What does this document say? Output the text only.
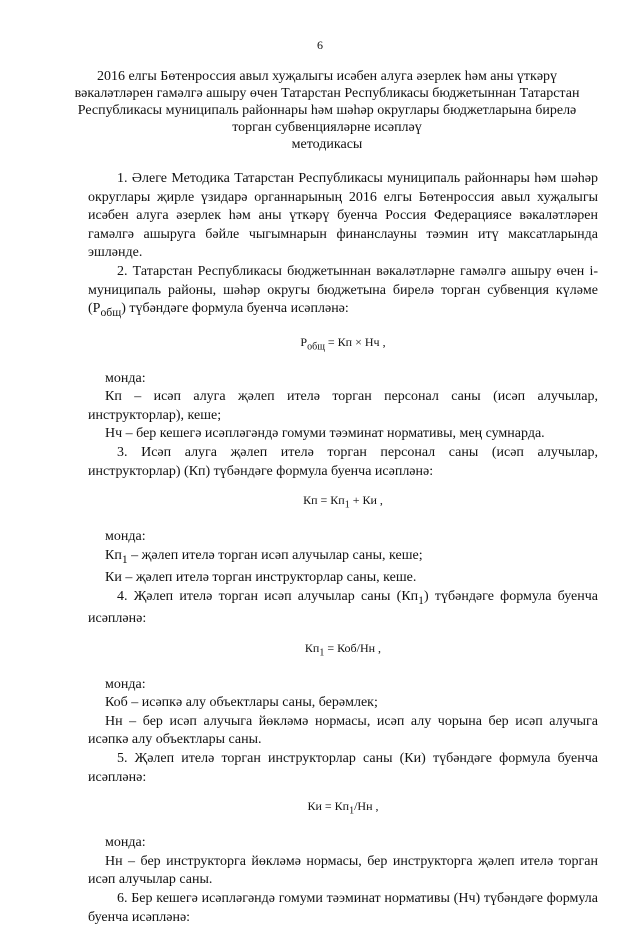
6
2016 елгы Бөтенроссия авыл хуҗалыгы исәбен алуга әзерлек һәм аны үткәрү
вәкаләтләрен гамәлгә ашыру өчен Татарстан Республикасы бюджетыннан Татарстан
Республикасы муниципаль районнары һәм шәһәр округлары бюджетларына бирелә
торган субвенцияләрне исәпләү
методикасы

1. Әлеге Методика Татарстан Республикасы муниципаль районнары һәм шәһәр округлары җирле үзидарә органнарының 2016 елгы Бөтенроссия авыл хуҗалыгы исәбен алуга әзерлек һәм аны үткәрү буенча Россия Федерациясе вәкаләтләрен гамәлгә ашыруга бәйле чыгымнарын финанслауны тәэмин итү максатларында эшләнде.

2. Татарстан Республикасы бюджетыннан вәкаләтләрне гамәлгә ашыру өчен i-муниципаль районы, шәһәр округы бюджетына бирелә торган субвенция күләме $(Р_{общ})$ түбәндәге формула буенча исәпләнә:

$Р_{общ}$ = Кп × Нч ,

монда:

Кп – исәп алуга җәлеп ителә торган персонал саны (исәп алучылар, инструкторлар), кеше;

Нч – бер кешегә исәпләгәндә гомуми тәэминат нормативы, мең сумнарда.

3. Исәп алуга җәлеп ителә торган персонал саны (исәп алучылар, инструкторлар) (Кп) түбәндәге формула буенча исәпләнә:

Кп = $Кп_1$ + Ки ,

монда:

$Кп_1$ – җәлеп ителә торган исәп алучылар саны, кеше;

Ки – җәлеп ителә торган инструкторлар саны, кеше.

4. Җәлеп ителә торган исәп алучылар саны $(Кп_1)$ түбәндәге формула буенча исәпләнә:

$Кп_1 = Коб/Нн$ ,

монда:

Коб – исәпкә алу объектлары саны, берәмлек;

Нн – бер исәп алучыга йөкләмә нормасы, исәп алу чорына бер исәп алучыга исәпкә алу объектлары саны.

5. Җәлеп ителә торган инструкторлар саны (Ки) түбәндәге формула буенча исәпләнә:

Ки = $Кп_1/Нн$ ,

монда:

Нн – бер инструкторга йөкләмә нормасы, бер инструкторга җәлеп ителә торган исәп алучылар саны.

6. Бер кешегә исәпләгәндә гомуми тәэминат нормативы (Нч) түбәндәге формула буенча исәпләнә:
